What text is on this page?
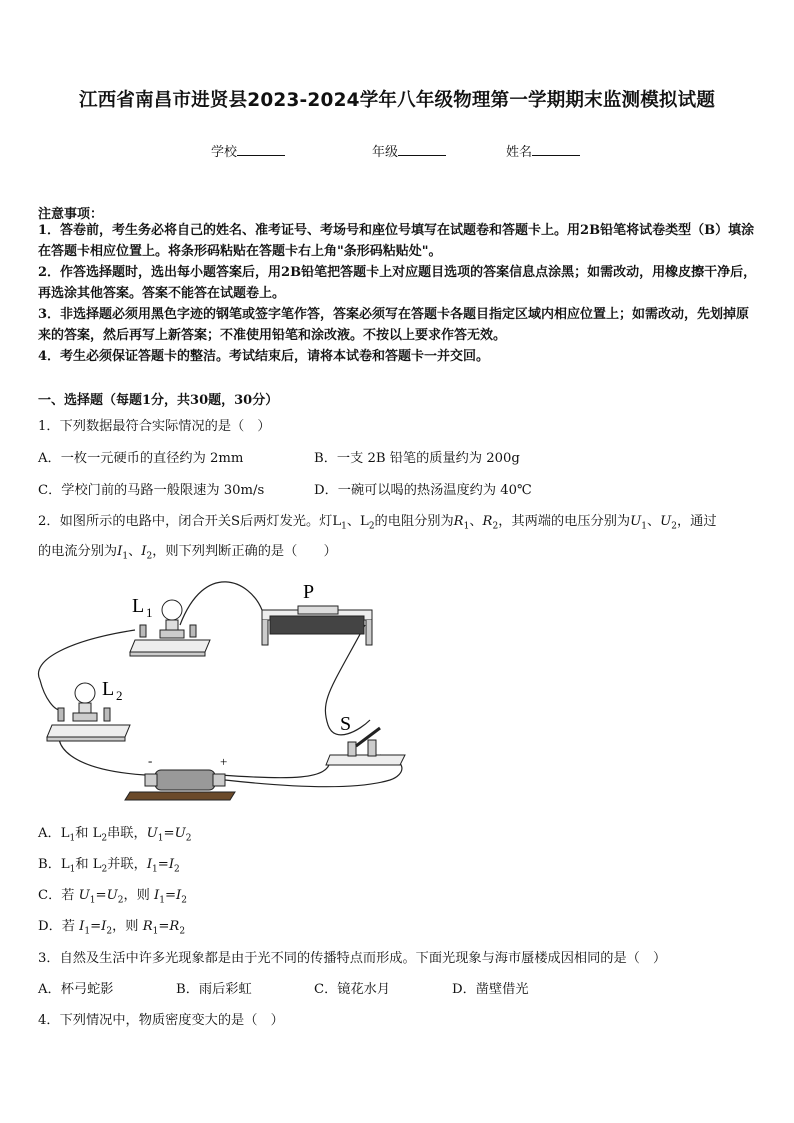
江西省南昌市进贤县2023-2024学年八年级物理第一学期期末监测模拟试题
学校	年级	姓名
注意事项：
1．答卷前，考生务必将自己的姓名、准考证号、考场号和座位号填写在试题卷和答题卡上。用2B铅笔将试卷类型（B）填涂在答题卡相应位置上。将条形码粘贴在答题卡右上角"条形码粘贴处"。
2．作答选择题时，选出每小题答案后，用2B铅笔把答题卡上对应题目选项的答案信息点涂黑；如需改动，用橡皮擦干净后，再选涂其他答案。答案不能答在试题卷上。
3．非选择题必须用黑色字迹的钢笔或签字笔作答，答案必须写在答题卡各题目指定区域内相应位置上；如需改动，先划掉原来的答案，然后再写上新答案；不准使用铅笔和涂改液。不按以上要求作答无效。
4．考生必须保证答题卡的整洁。考试结束后，请将本试卷和答题卡一并交回。
一、选择题（每题1分，共30题，30分）
1．下列数据最符合实际情况的是（　）
A．一枚一元硬币的直径约为 2mm	B．一支 2B 铅笔的质量约为 200g
C．学校门前的马路一般限速为 30m/s	D．一碗可以喝的热汤温度约为 40℃
2．如图所示的电路中，闭合开关S后两灯发光。灯$L_1$、$L_2$的电阻分别为$R_1$、$R_2$，其两端的电压分别为$U_1$、$U_2$，通过
的电流分别为$I_1$、$I_2$，则下列判断正确的是（　　）
L 1
L 2
P
S
-	+
A．$L_1$和 $L_2$串联，$U_1=U_2$
B．$L_1$和 $L_2$并联，$I_1=I_2$
C．若 $U_1=U_2$，则 $I_1=I_2$
D．若 $I_1=I_2$，则 $R_1=R_2$
3．自然及生活中许多光现象都是由于光不同的传播特点而形成。下面光现象与海市蜃楼成因相同的是（　）
A．杯弓蛇影	B．雨后彩虹	C．镜花水月	D．凿壁借光
4．下列情况中，物质密度变大的是（　）
